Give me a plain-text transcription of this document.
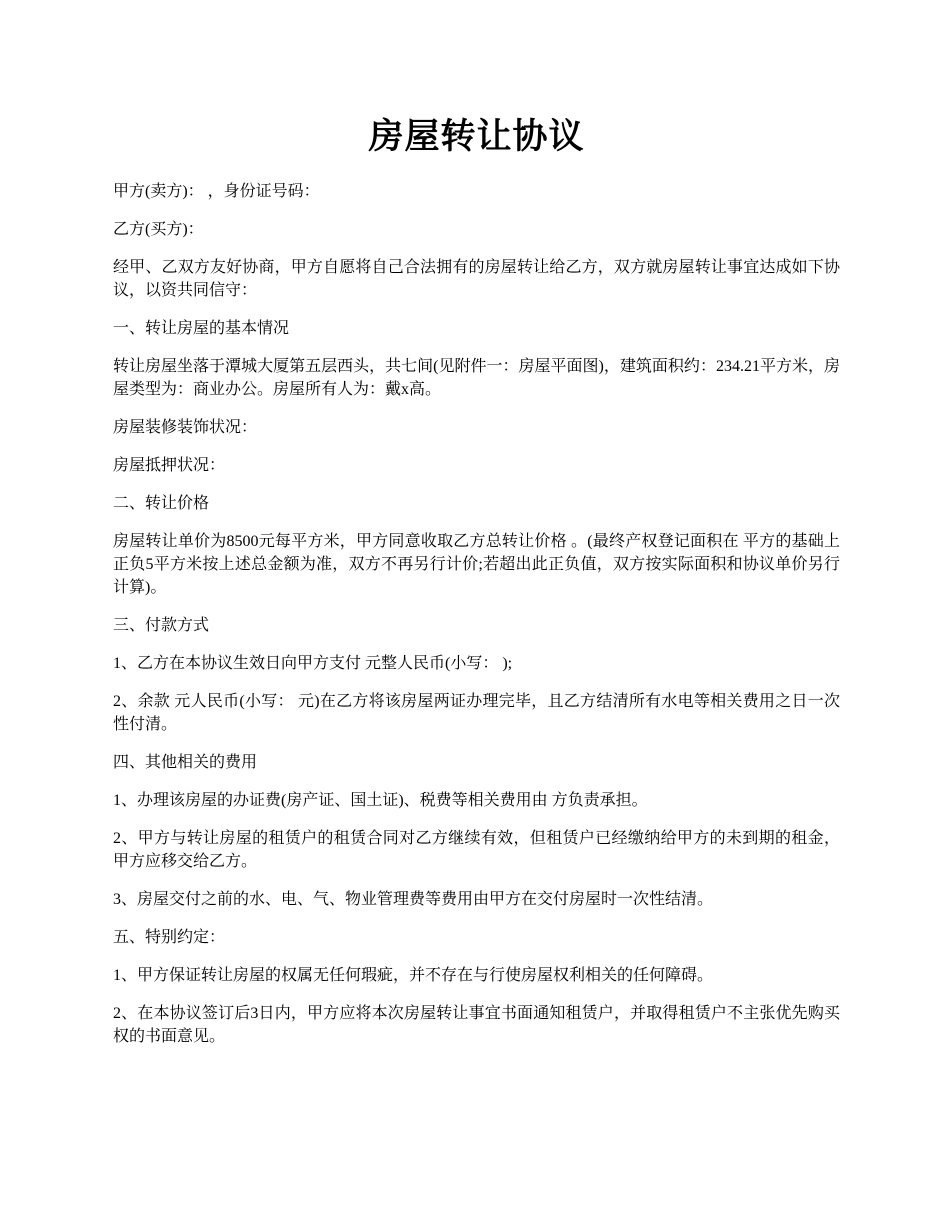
房屋转让协议

甲方(卖方)： ，身份证号码：

乙方(买方)：

经甲、乙双方友好协商，甲方自愿将自己合法拥有的房屋转让给乙方，双方就房屋转让事宜达成如下协议，以资共同信守：

一、转让房屋的基本情况

转让房屋坐落于潭城大厦第五层西头，共七间(见附件一：房屋平面图)，建筑面积约：234.21平方米，房屋类型为：商业办公。房屋所有人为：戴x高。

房屋装修装饰状况：

房屋抵押状况：

二、转让价格

房屋转让单价为8500元每平方米，甲方同意收取乙方总转让价格 。(最终产权登记面积在 平方的基础上正负5平方米按上述总金额为准，双方不再另行计价;若超出此正负值，双方按实际面积和协议单价另行计算)。

三、付款方式

1、乙方在本协议生效日向甲方支付 元整人民币(小写： );

2、余款 元人民币(小写： 元)在乙方将该房屋两证办理完毕，且乙方结清所有水电等相关费用之日一次性付清。

四、其他相关的费用

1、办理该房屋的办证费(房产证、国土证)、税费等相关费用由 方负责承担。

2、甲方与转让房屋的租赁户的租赁合同对乙方继续有效，但租赁户已经缴纳给甲方的未到期的租金，甲方应移交给乙方。

3、房屋交付之前的水、电、气、物业管理费等费用由甲方在交付房屋时一次性结清。

五、特别约定：

1、甲方保证转让房屋的权属无任何瑕疵，并不存在与行使房屋权利相关的任何障碍。

2、在本协议签订后3日内，甲方应将本次房屋转让事宜书面通知租赁户，并取得租赁户不主张优先购买权的书面意见。
